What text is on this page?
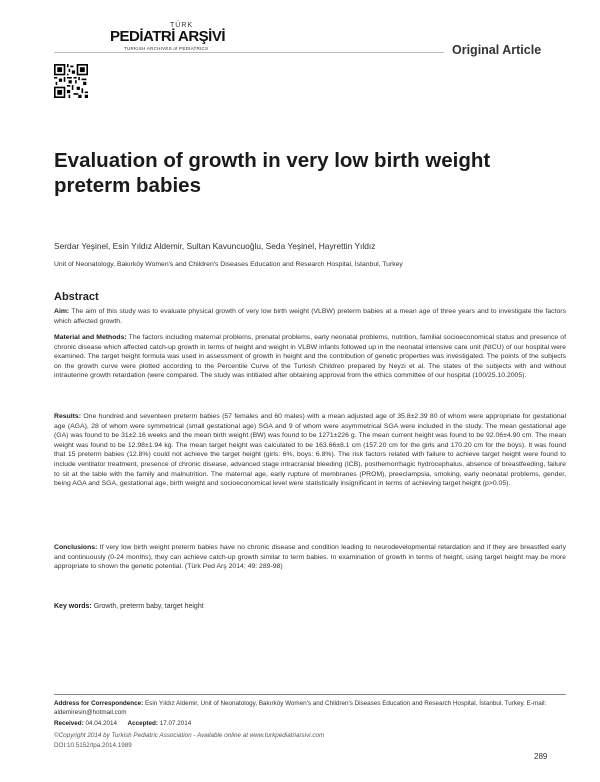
TÜRK
PEDİATRİ ARŞİVİ
TURKISH ARCHIVES of PEDIATRICS	Original Article
Evaluation of growth in very low birth weight preterm babies
Serdar Yeşinel, Esin Yıldız Aldemir, Sultan Kavuncuoğlu, Seda Yeşinel, Hayrettin Yıldız
Unit of Neonatology, Bakırköy Women's and Children's Diseases Education and Research Hospital, İstanbul, Turkey
Abstract
Aim: The aim of this study was to evaluate physical growth of very low birth weight (VLBW) preterm babies at a mean age of three years and to investigate the factors which affected growth.
Material and Methods: The factors including maternal problems, prenatal problems, early neonatal problems, nutrition, familial socioeconomical status and presence of chronic disease which affected catch-up growth in terms of height and weight in VLBW infants followed up in the neonatal intensive care unit (NICU) of our hospital were examined. The target height formula was used in assessment of growth in height and the contribution of genetic properties was investigated. The points of the subjects on the growth curve were plotted according to the Percentile Curve of the Turkish Children prepared by Neyzi et al. The states of the subjects with and without intrauterine growth retardation (were compared. The study was intitiated after obtaining approval from the ethics committee of our hospital (100/25.10.2005).
Results: One hundred and seventeen preterm babies (57 females and 60 males) with a mean adjusted age of 35.8±2.39 80 of whom were appropriate for gestational age (AGA), 28 of whom were symmetrical (small gestational age) SGA and 9 of whom were asymmetrical SGA were included in the study. The mean gestational age (GA) was found to be 31±2.16 weeks and the mean birth weight (BW) was found to be 1271±226 g. The mean current height was found to be 92.06±4.90 cm. The mean weight was found to be 12.98±1.94 kg. The mean target height was calculated to be 163.66±8.1 cm (157.20 cm for the girls and 170.20 cm for the boys). It was found that 15 preterm babies (12.8%) could not achieve the target height (girls: 6%, boys: 6.8%). The risk factors related with failure to achieve target height were found to include ventilator treatment, presence of chronic disease, advanced stage intracranial bleeding (ICB), posthemorrhagic hydrocephalus, absence of breastfeeding, failure to sit at the table with the family and malnutrition. The maternal age, early rupture of membranes (PROM), preeclampsia, smoking, early neonatal problems, gender, being AGA and SGA, gestational age, birth weight and socioeconomical level were statistically insignificant in terms of achieving target height (p>0.05).
Conclusions: If very low birth weight preterm babies have no chronic disease and condition leading to neurodevelopmental retardation and if they are breastfed early and continuously (0-24 months), they can achieve catch-up growth similar to term babies. In examination of growth in terms of height, using target height may be more appropriate to shown the genetic potential. (Türk Ped Arş 2014; 49: 289-98)
Key words: Growth, preterm baby, target height
Address for Correspondence: Esin Yıldız Aldemir, Unit of Neonatology, Bakırköy Women's and Children's Diseases Education and Research Hospital, İstanbul, Turkey. E-mail: aldemiresin@hotmail.com
Received: 04.04.2014 Accepted: 17.07.2014
©Copyright 2014 by Turkish Pediatric Association - Available online at www.turkpediatriarsivi.com
DOI:10.5152/tpa.2014.1989
289
